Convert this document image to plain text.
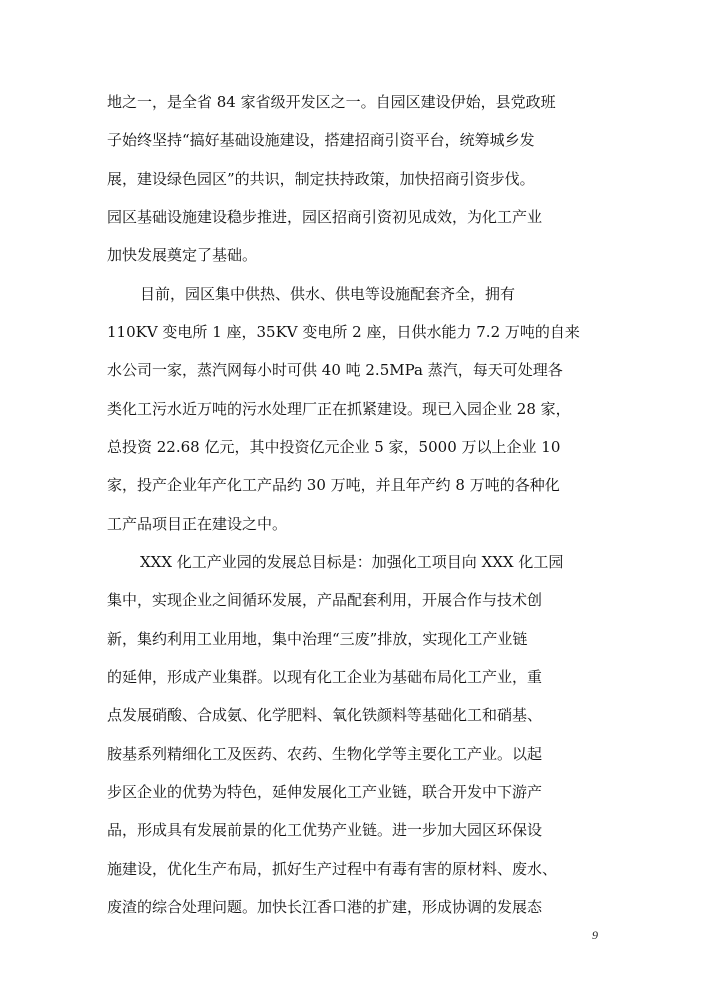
地之一，是全省 84 家省级开发区之一。自园区建设伊始，县党政班
子始终坚持“搞好基础设施建设，搭建招商引资平台，统筹城乡发
展，建设绿色园区”的共识，制定扶持政策，加快招商引资步伐。
园区基础设施建设稳步推进，园区招商引资初见成效，为化工产业
加快发展奠定了基础。
目前，园区集中供热、供水、供电等设施配套齐全，拥有
110KV 变电所 1 座，35KV 变电所 2 座，日供水能力 7.2 万吨的自来
水公司一家，蒸汽网每小时可供 40 吨 2.5MPa 蒸汽，每天可处理各
类化工污水近万吨的污水处理厂正在抓紧建设。现已入园企业 28 家，
总投资 22.68 亿元，其中投资亿元企业 5 家，5000 万以上企业 10
家，投产企业年产化工产品约 30 万吨，并且年产约 8 万吨的各种化
工产品项目正在建设之中。
XXX 化工产业园的发展总目标是：加强化工项目向 XXX 化工园
集中，实现企业之间循环发展，产品配套利用，开展合作与技术创
新，集约利用工业用地，集中治理“三废”排放，实现化工产业链
的延伸，形成产业集群。以现有化工企业为基础布局化工产业，重
点发展硝酸、合成氨、化学肥料、氧化铁颜料等基础化工和硝基、
胺基系列精细化工及医药、农药、生物化学等主要化工产业。以起
步区企业的优势为特色，延伸发展化工产业链，联合开发中下游产
品，形成具有发展前景的化工优势产业链。进一步加大园区环保设
施建设，优化生产布局，抓好生产过程中有毒有害的原材料、废水、
废渣的综合处理问题。加快长江香口港的扩建，形成协调的发展态
9
